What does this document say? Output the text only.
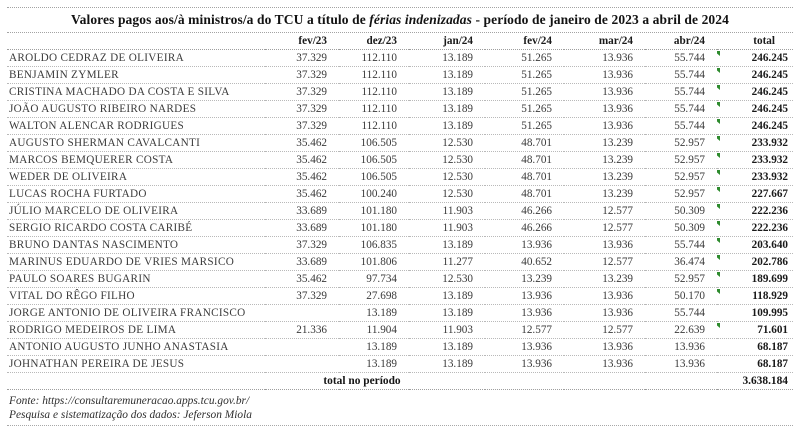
Valores pagos aos/à ministros/a do TCU a título de férias indenizadas - período de janeiro de 2023 a abril de 2024
	fev/23	dez/23	jan/24	fev/24	mar/24	abr/24	total
AROLDO CEDRAZ DE OLIVEIRA	37.329	112.110	13.189	51.265	13.936	55.744	246.245
BENJAMIN ZYMLER	37.329	112.110	13.189	51.265	13.936	55.744	246.245
CRISTINA MACHADO DA COSTA E SILVA	37.329	112.110	13.189	51.265	13.936	55.744	246.245
JOÃO AUGUSTO RIBEIRO NARDES	37.329	112.110	13.189	51.265	13.936	55.744	246.245
WALTON ALENCAR RODRIGUES	37.329	112.110	13.189	51.265	13.936	55.744	246.245
AUGUSTO SHERMAN CAVALCANTI	35.462	106.505	12.530	48.701	13.239	52.957	233.932
MARCOS BEMQUERER COSTA	35.462	106.505	12.530	48.701	13.239	52.957	233.932
WEDER DE OLIVEIRA	35.462	106.505	12.530	48.701	13.239	52.957	233.932
LUCAS ROCHA FURTADO	35.462	100.240	12.530	48.701	13.239	52.957	227.667
JÚLIO MARCELO DE OLIVEIRA	33.689	101.180	11.903	46.266	12.577	50.309	222.236
SERGIO RICARDO COSTA CARIBÉ	33.689	101.180	11.903	46.266	12.577	50.309	222.236
BRUNO DANTAS NASCIMENTO	37.329	106.835	13.189	13.936	13.936	55.744	203.640
MARINUS EDUARDO DE VRIES MARSICO	33.689	101.806	11.277	40.652	12.577	36.474	202.786
PAULO SOARES BUGARIN	35.462	97.734	12.530	13.239	13.239	52.957	189.699
VITAL DO RÊGO FILHO	37.329	27.698	13.189	13.936	13.936	50.170	118.929
JORGE ANTONIO DE OLIVEIRA FRANCISCO		13.189	13.189	13.936	13.936	55.744	109.995
RODRIGO MEDEIROS DE LIMA	21.336	11.904	11.903	12.577	12.577	22.639	71.601
ANTONIO AUGUSTO JUNHO ANASTASIA		13.189	13.189	13.936	13.936	13.936	68.187
JOHNATHAN PEREIRA DE JESUS		13.189	13.189	13.936	13.936	13.936	68.187
total no período							3.638.184
Fonte: https://consultaremuneracao.apps.tcu.gov.br/
Pesquisa e sistematização dos dados: Jeferson Miola
